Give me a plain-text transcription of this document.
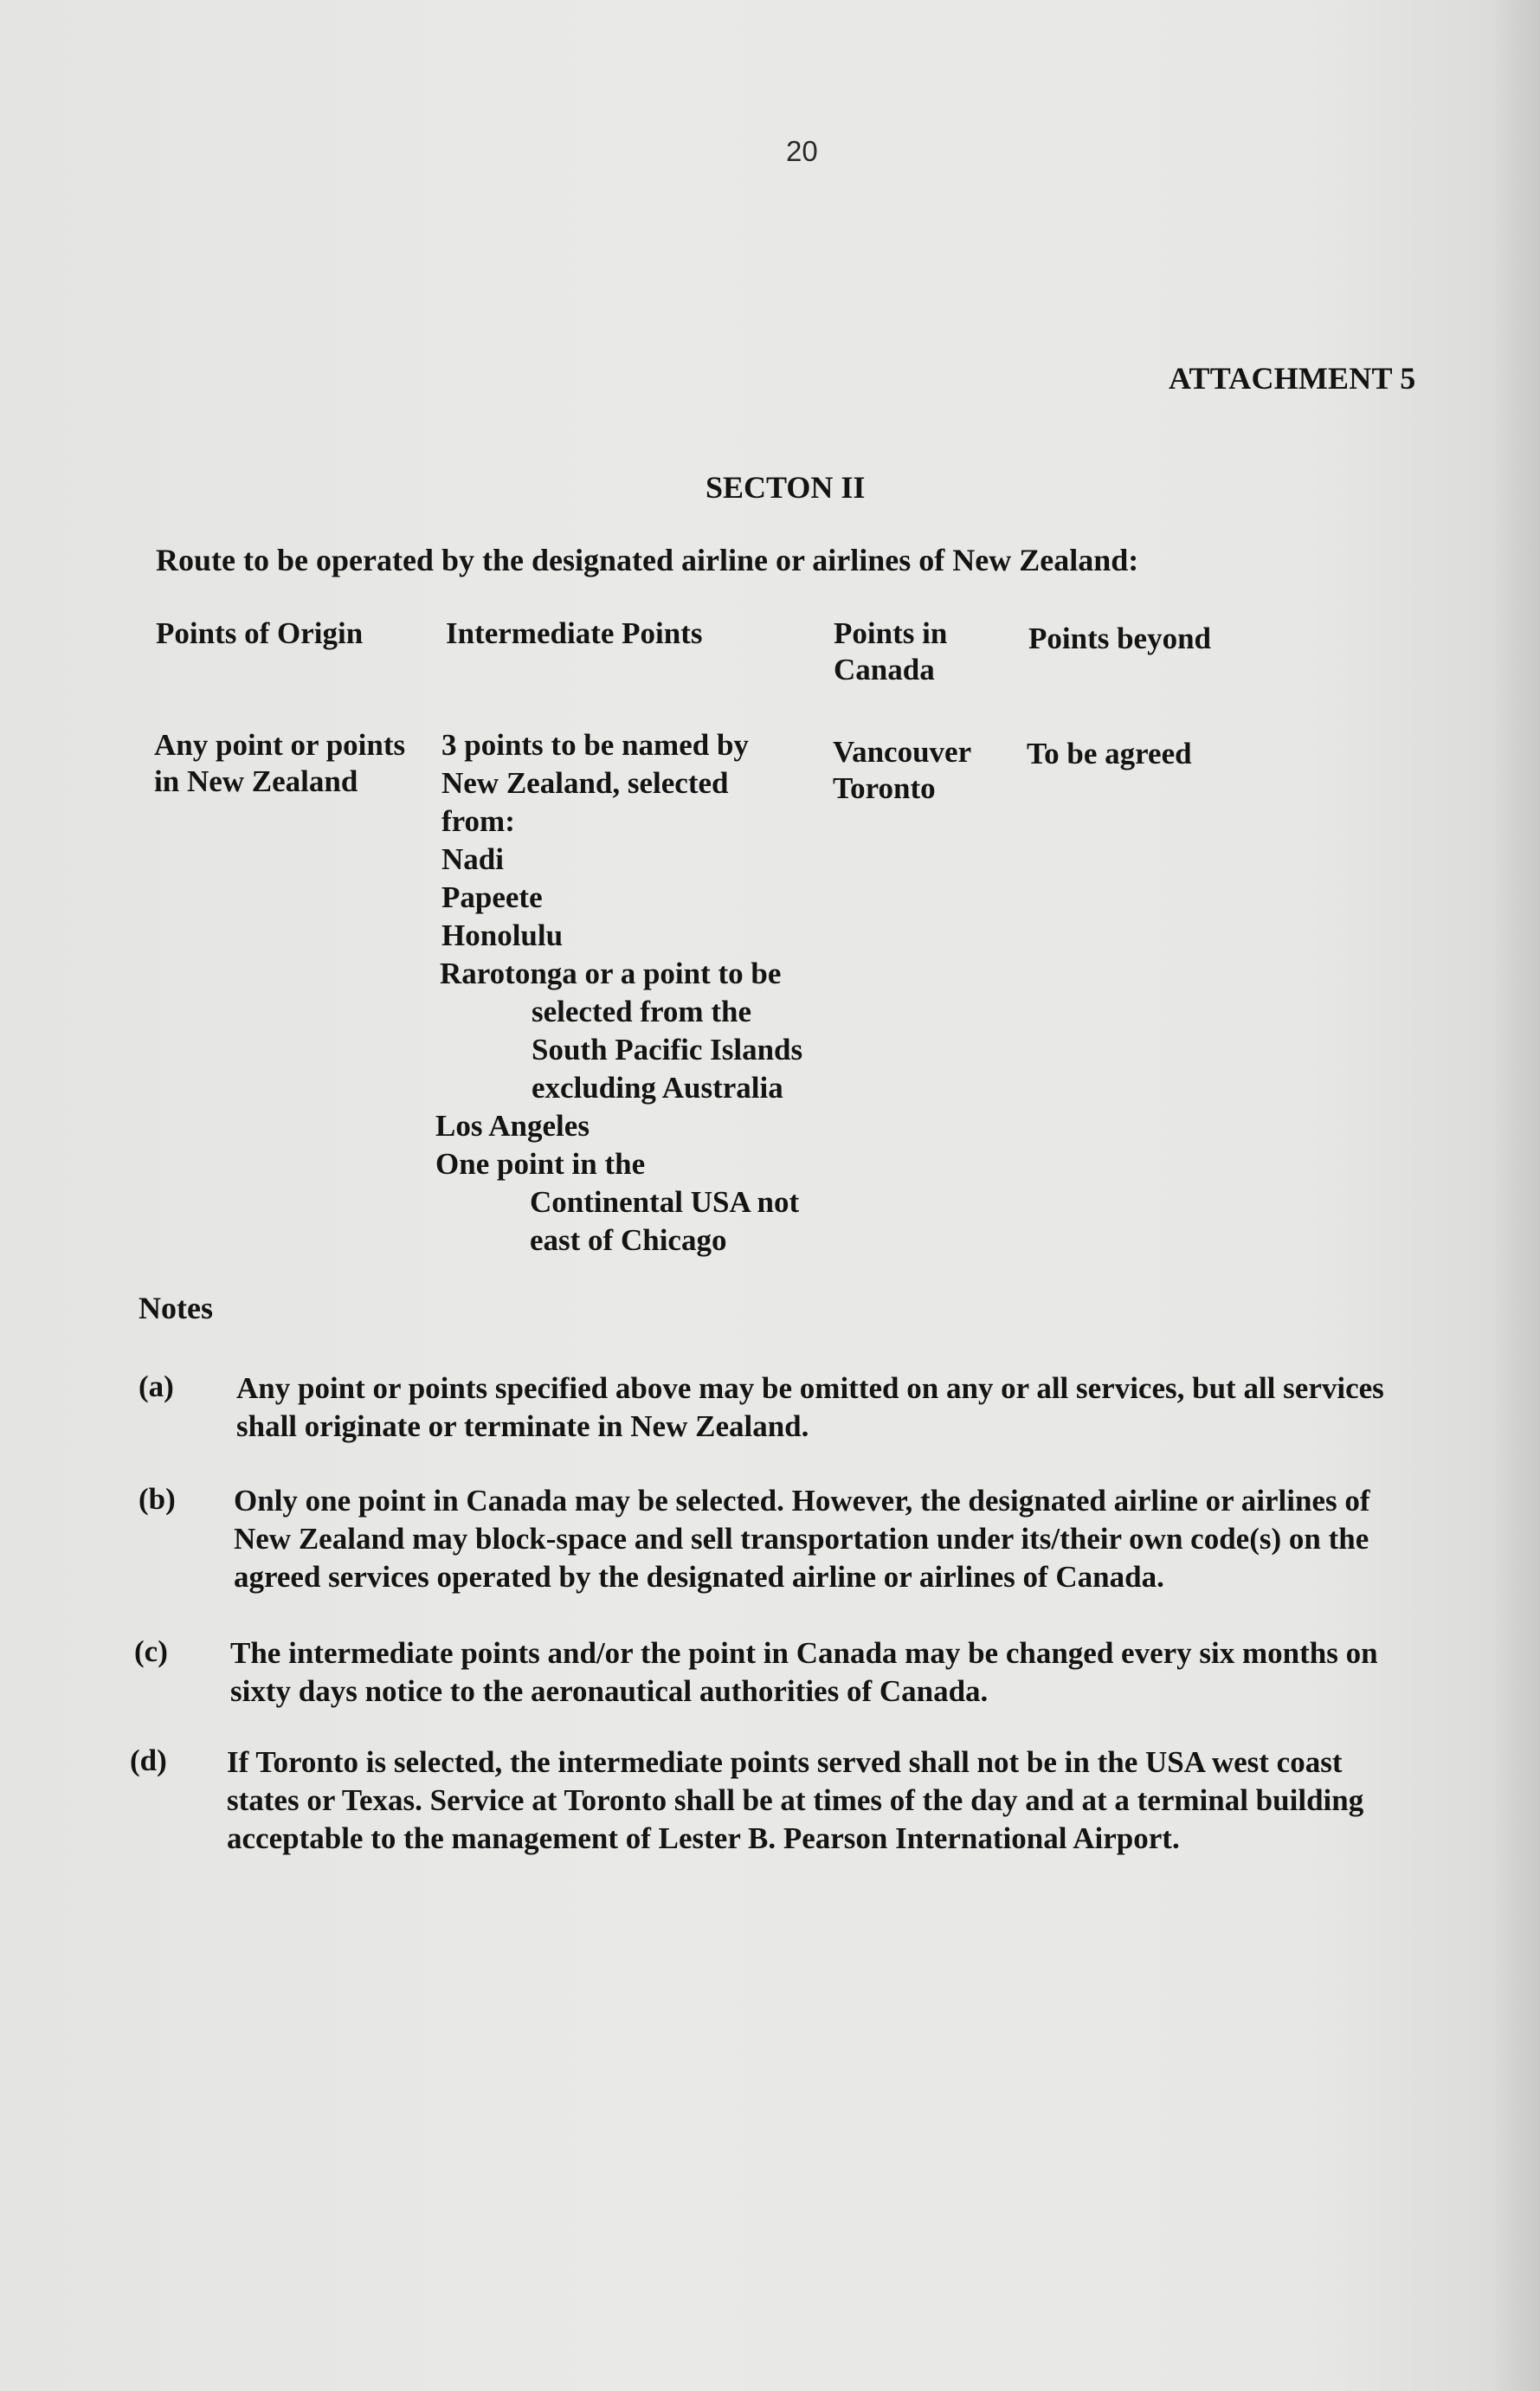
20
ATTACHMENT 5
SECTON II
Route to be operated by the designated airline or airlines of New Zealand:
Points of Origin	Intermediate Points	Points in
Canada
Points beyond
Any point or points
in New Zealand
3 points to be named by
New Zealand, selected
from:
Nadi
Papeete
Honolulu
Rarotonga or a point to be
selected from the
South Pacific Islands
excluding Australia
Los Angeles
One point in the
Continental USA not
east of Chicago
Vancouver
Toronto
To be agreed
Notes
(a) Any point or points specified above may be omitted on any or all services, but all services shall originate or terminate in New Zealand.
(b) Only one point in Canada may be selected. However, the designated airline or airlines of New Zealand may block-space and sell transportation under its/their own code(s) on the agreed services operated by the designated airline or airlines of Canada.
(c) The intermediate points and/or the point in Canada may be changed every six months on sixty days notice to the aeronautical authorities of Canada.
(d) If Toronto is selected, the intermediate points served shall not be in the USA west coast states or Texas. Service at Toronto shall be at times of the day and at a terminal building acceptable to the management of Lester B. Pearson International Airport.
